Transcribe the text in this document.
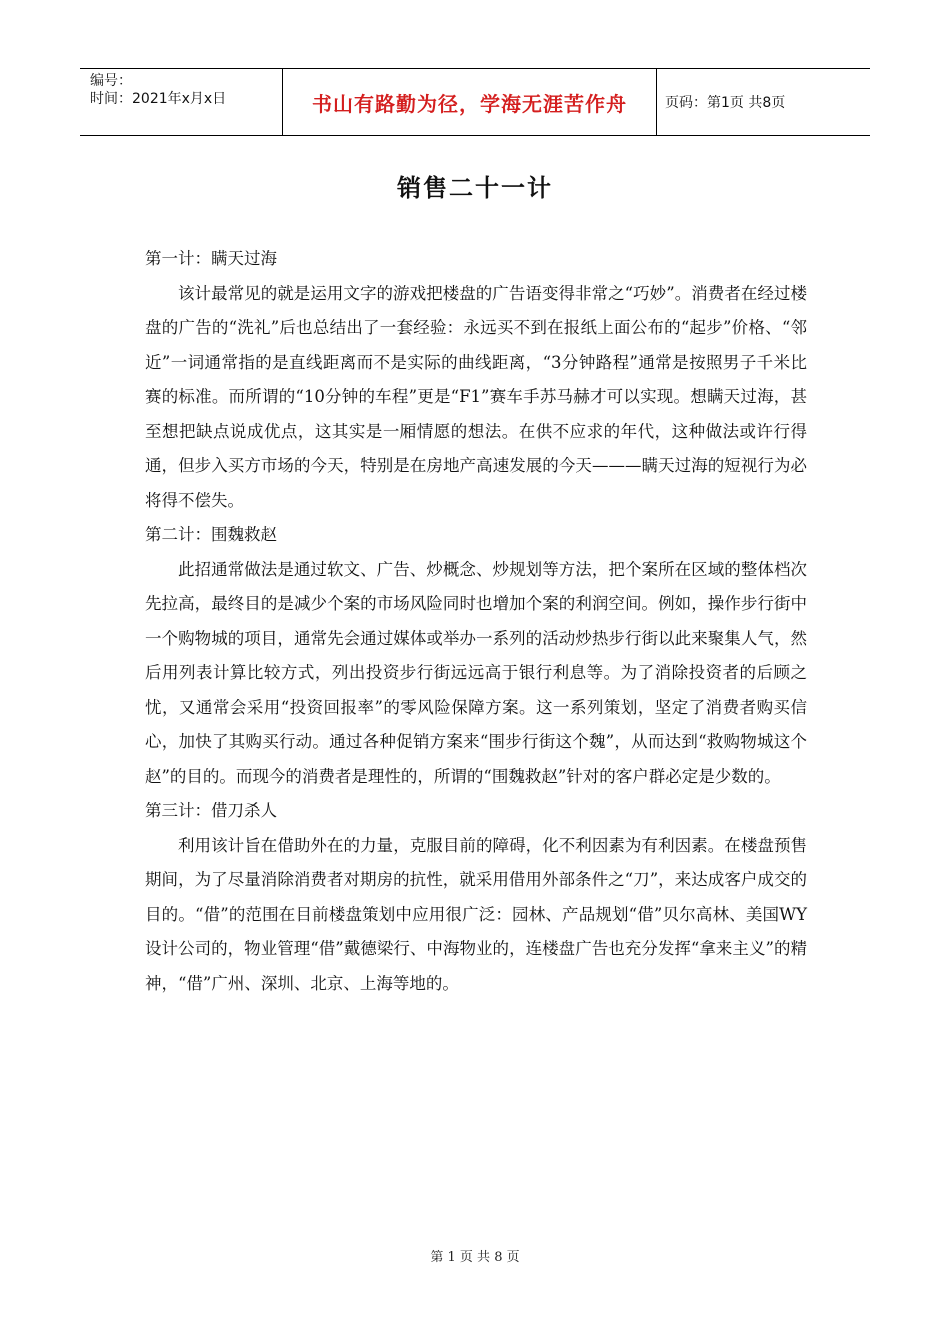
编号：
时间：2021年x月x日	书山有路勤为径，学海无涯苦作舟	页码：第1页 共8页
销售二十一计

第一计：瞒天过海

该计最常见的就是运用文字的游戏把楼盘的广告语变得非常之“巧妙”。消费者在经过楼盘的广告的“洗礼”后也总结出了一套经验：永远买不到在报纸上面公布的“起步”价格、“邻近”一词通常指的是直线距离而不是实际的曲线距离，“3分钟路程”通常是按照男子千米比赛的标准。而所谓的“10分钟的车程”更是“F1”赛车手苏马赫才可以实现。想瞒天过海，甚至想把缺点说成优点，这其实是一厢情愿的想法。在供不应求的年代，这种做法或许行得通，但步入买方市场的今天，特别是在房地产高速发展的今天———瞒天过海的短视行为必将得不偿失。

第二计：围魏救赵

此招通常做法是通过软文、广告、炒概念、炒规划等方法，把个案所在区域的整体档次先拉高，最终目的是减少个案的市场风险同时也增加个案的利润空间。例如，操作步行街中一个购物城的项目，通常先会通过媒体或举办一系列的活动炒热步行街以此来聚集人气，然后用列表计算比较方式，列出投资步行街远远高于银行利息等。为了消除投资者的后顾之忧，又通常会采用“投资回报率”的零风险保障方案。这一系列策划，坚定了消费者购买信心，加快了其购买行动。通过各种促销方案来“围步行街这个魏”，从而达到“救购物城这个赵”的目的。而现今的消费者是理性的，所谓的“围魏救赵”针对的客户群必定是少数的。

第三计：借刀杀人

利用该计旨在借助外在的力量，克服目前的障碍，化不利因素为有利因素。在楼盘预售期间，为了尽量消除消费者对期房的抗性，就采用借用外部条件之“刀”，来达成客户成交的目的。“借”的范围在目前楼盘策划中应用很广泛：园林、产品规划“借”贝尔高林、美国WY设计公司的，物业管理“借”戴德梁行、中海物业的，连楼盘广告也充分发挥“拿来主义”的精神，“借”广州、深圳、北京、上海等地的。

第 1 页 共 8 页
